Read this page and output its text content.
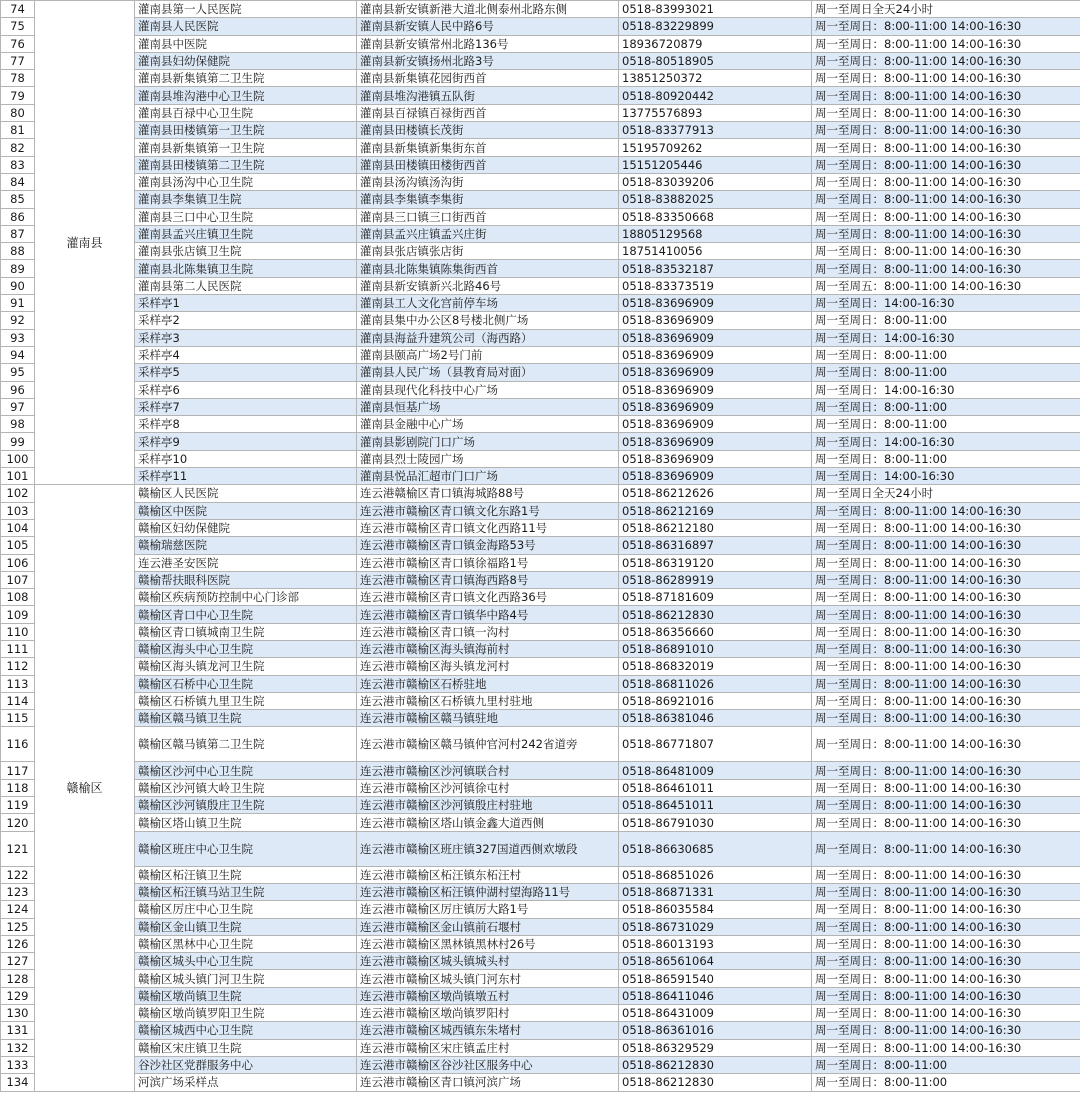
74	灌南县	灌南县第一人民医院	灌南县新安镇新港大道北侧泰州北路东侧	0518-83993021	周一至周日全天24小时
75		灌南县人民医院	灌南县新安镇人民中路6号	0518-83229899	周一至周日：8:00-11:00 14:00-16:30
76		灌南县中医院	灌南县新安镇常州北路136号	18936720879	周一至周日：8:00-11:00 14:00-16:30
77		灌南县妇幼保健院	灌南县新安镇扬州北路3号	0518-80518905	周一至周日：8:00-11:00 14:00-16:30
78		灌南县新集镇第二卫生院	灌南县新集镇花园街西首	13851250372	周一至周日：8:00-11:00 14:00-16:30
79		灌南县堆沟港中心卫生院	灌南县堆沟港镇五队街	0518-80920442	周一至周日：8:00-11:00 14:00-16:30
80		灌南县百禄中心卫生院	灌南县百禄镇百禄街西首	13775576893	周一至周日：8:00-11:00 14:00-16:30
81		灌南县田楼镇第一卫生院	灌南县田楼镇长茂街	0518-83377913	周一至周日：8:00-11:00 14:00-16:30
82		灌南县新集镇第一卫生院	灌南县新集镇新集街东首	15195709262	周一至周日：8:00-11:00 14:00-16:30
83		灌南县田楼镇第二卫生院	灌南县田楼镇田楼街西首	15151205446	周一至周日：8:00-11:00 14:00-16:30
84		灌南县汤沟中心卫生院	灌南县汤沟镇汤沟街	0518-83039206	周一至周日：8:00-11:00 14:00-16:30
85		灌南县李集镇卫生院	灌南县李集镇李集街	0518-83882025	周一至周日：8:00-11:00 14:00-16:30
86		灌南县三口中心卫生院	灌南县三口镇三口街西首	0518-83350668	周一至周日：8:00-11:00 14:00-16:30
87		灌南县孟兴庄镇卫生院	灌南县孟兴庄镇孟兴庄街	18805129568	周一至周日：8:00-11:00 14:00-16:30
88		灌南县张店镇卫生院	灌南县张店镇张店街	18751410056	周一至周日：8:00-11:00 14:00-16:30
89		灌南县北陈集镇卫生院	灌南县北陈集镇陈集街西首	0518-83532187	周一至周日：8:00-11:00 14:00-16:30
90		灌南县第二人民医院	灌南县新安镇新兴北路46号	0518-83373519	周一至周五：8:00-11:00 14:00-16:30
91		采样亭1	灌南县工人文化宫前停车场	0518-83696909	周一至周日：14:00-16:30
92		采样亭2	灌南县集中办公区8号楼北侧广场	0518-83696909	周一至周日：8:00-11:00
93		采样亭3	灌南县海益升建筑公司（海西路）	0518-83696909	周一至周日：14:00-16:30
94		采样亭4	灌南县颐高广场2号门前	0518-83696909	周一至周日：8:00-11:00
95		采样亭5	灌南县人民广场（县教育局对面）	0518-83696909	周一至周日：8:00-11:00
96		采样亭6	灌南县现代化科技中心广场	0518-83696909	周一至周日：14:00-16:30
97		采样亭7	灌南县恒基广场	0518-83696909	周一至周日：8:00-11:00
98		采样亭8	灌南县金融中心广场	0518-83696909	周一至周日：8:00-11:00
99		采样亭9	灌南县影剧院门口广场	0518-83696909	周一至周日：14:00-16:30
100		采样亭10	灌南县烈士陵园广场	0518-83696909	周一至周日：8:00-11:00
101		采样亭11	灌南县悦品汇超市门口广场	0518-83696909	周一至周日：14:00-16:30
102	赣榆区	赣榆区人民医院	连云港赣榆区青口镇海城路88号	0518-86212626	周一至周日全天24小时
103		赣榆区中医院	连云港市赣榆区青口镇文化东路1号	0518-86212169	周一至周日：8:00-11:00 14:00-16:30
104		赣榆区妇幼保健院	连云港市赣榆区青口镇文化西路11号	0518-86212180	周一至周日：8:00-11:00 14:00-16:30
105		赣榆瑞慈医院	连云港市赣榆区青口镇金海路53号	0518-86316897	周一至周日：8:00-11:00 14:00-16:30
106		连云港圣安医院	连云港市赣榆区青口镇徐福路1号	0518-86319120	周一至周日：8:00-11:00 14:00-16:30
107		赣榆帮扶眼科医院	连云港市赣榆区青口镇海西路8号	0518-86289919	周一至周日：8:00-11:00 14:00-16:30
108		赣榆区疾病预防控制中心门诊部	连云港市赣榆区青口镇文化西路36号	0518-87181609	周一至周日：8:00-11:00 14:00-16:30
109		赣榆区青口中心卫生院	连云港市赣榆区青口镇华中路4号	0518-86212830	周一至周日：8:00-11:00 14:00-16:30
110		赣榆区青口镇城南卫生院	连云港市赣榆区青口镇一沟村	0518-86356660	周一至周日：8:00-11:00 14:00-16:30
111		赣榆区海头中心卫生院	连云港市赣榆区海头镇海前村	0518-86891010	周一至周日：8:00-11:00 14:00-16:30
112		赣榆区海头镇龙河卫生院	连云港市赣榆区海头镇龙河村	0518-86832019	周一至周日：8:00-11:00 14:00-16:30
113		赣榆区石桥中心卫生院	连云港市赣榆区石桥驻地	0518-86811026	周一至周日：8:00-11:00 14:00-16:30
114		赣榆区石桥镇九里卫生院	连云港市赣榆区石桥镇九里村驻地	0518-86921016	周一至周日：8:00-11:00 14:00-16:30
115		赣榆区赣马镇卫生院	连云港市赣榆区赣马镇驻地	0518-86381046	周一至周日：8:00-11:00 14:00-16:30
116		赣榆区赣马镇第二卫生院	连云港市赣榆区赣马镇仲官河村242省道旁	0518-86771807	周一至周日：8:00-11:00 14:00-16:30
117		赣榆区沙河中心卫生院	连云港市赣榆区沙河镇联合村	0518-86481009	周一至周日：8:00-11:00 14:00-16:30
118		赣榆区沙河镇大岭卫生院	连云港市赣榆区沙河镇徐屯村	0518-86461011	周一至周日：8:00-11:00 14:00-16:30
119		赣榆区沙河镇殷庄卫生院	连云港市赣榆区沙河镇殷庄村驻地	0518-86451011	周一至周日：8:00-11:00 14:00-16:30
120		赣榆区塔山镇卫生院	连云港市赣榆区塔山镇金鑫大道西侧	0518-86791030	周一至周日：8:00-11:00 14:00-16:30
121		赣榆区班庄中心卫生院	连云港市赣榆区班庄镇327国道西侧欢墩段	0518-86630685	周一至周日：8:00-11:00 14:00-16:30
122		赣榆区柘汪镇卫生院	连云港市赣榆区柘汪镇东柘汪村	0518-86851026	周一至周日：8:00-11:00 14:00-16:30
123		赣榆区柘汪镇马站卫生院	连云港市赣榆区柘汪镇仲湖村望海路11号	0518-86871331	周一至周日：8:00-11:00 14:00-16:30
124		赣榆区厉庄中心卫生院	连云港市赣榆区厉庄镇厉大路1号	0518-86035584	周一至周日：8:00-11:00 14:00-16:30
125		赣榆区金山镇卫生院	连云港市赣榆区金山镇前石堰村	0518-86731029	周一至周日：8:00-11:00 14:00-16:30
126		赣榆区黑林中心卫生院	连云港市赣榆区黑林镇黑林村26号	0518-86013193	周一至周日：8:00-11:00 14:00-16:30
127		赣榆区城头中心卫生院	连云港市赣榆区城头镇城头村	0518-86561064	周一至周日：8:00-11:00 14:00-16:30
128		赣榆区城头镇门河卫生院	连云港市赣榆区城头镇门河东村	0518-86591540	周一至周日：8:00-11:00 14:00-16:30
129		赣榆区墩尚镇卫生院	连云港市赣榆区墩尚镇墩五村	0518-86411046	周一至周日：8:00-11:00 14:00-16:30
130		赣榆区墩尚镇罗阳卫生院	连云港市赣榆区墩尚镇罗阳村	0518-86431009	周一至周日：8:00-11:00 14:00-16:30
131		赣榆区城西中心卫生院	连云港市赣榆区城西镇东朱堵村	0518-86361016	周一至周日：8:00-11:00 14:00-16:30
132		赣榆区宋庄镇卫生院	连云港市赣榆区宋庄镇孟庄村	0518-86329529	周一至周日：8:00-11:00 14:00-16:30
133		谷沙社区党群服务中心	连云港市赣榆区谷沙社区服务中心	0518-86212830	周一至周日：8:00-11:00
134		河滨广场采样点	连云港市赣榆区青口镇河滨广场	0518-86212830	周一至周日：8:00-11:00
